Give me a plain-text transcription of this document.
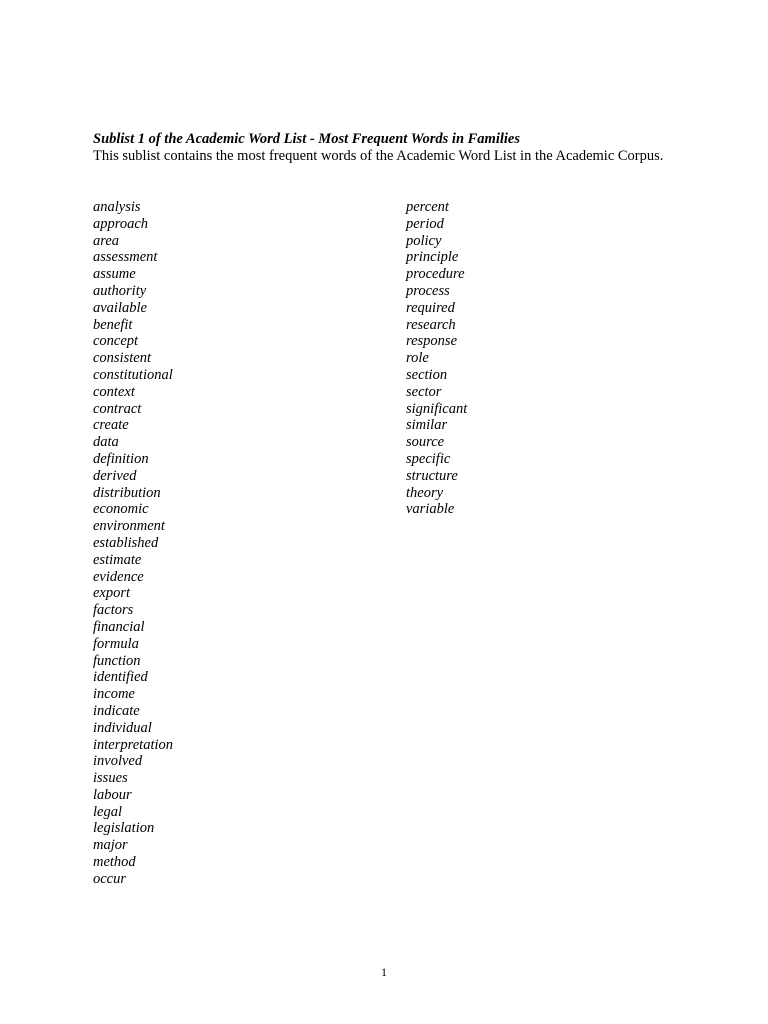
Sublist 1 of the Academic Word List - Most Frequent Words in Families
This sublist contains the most frequent words of the Academic Word List in the Academic Corpus.
analysis
approach
area
assessment
assume
authority
available
benefit
concept
consistent
constitutional
context
contract
create
data
definition
derived
distribution
economic
environment
established
estimate
evidence
export
factors
financial
formula
function
identified
income
indicate
individual
interpretation
involved
issues
labour
legal
legislation
major
method
occur
percent
period
policy
principle
procedure
process
required
research
response
role
section
sector
significant
similar
source
specific
structure
theory
variable
1
